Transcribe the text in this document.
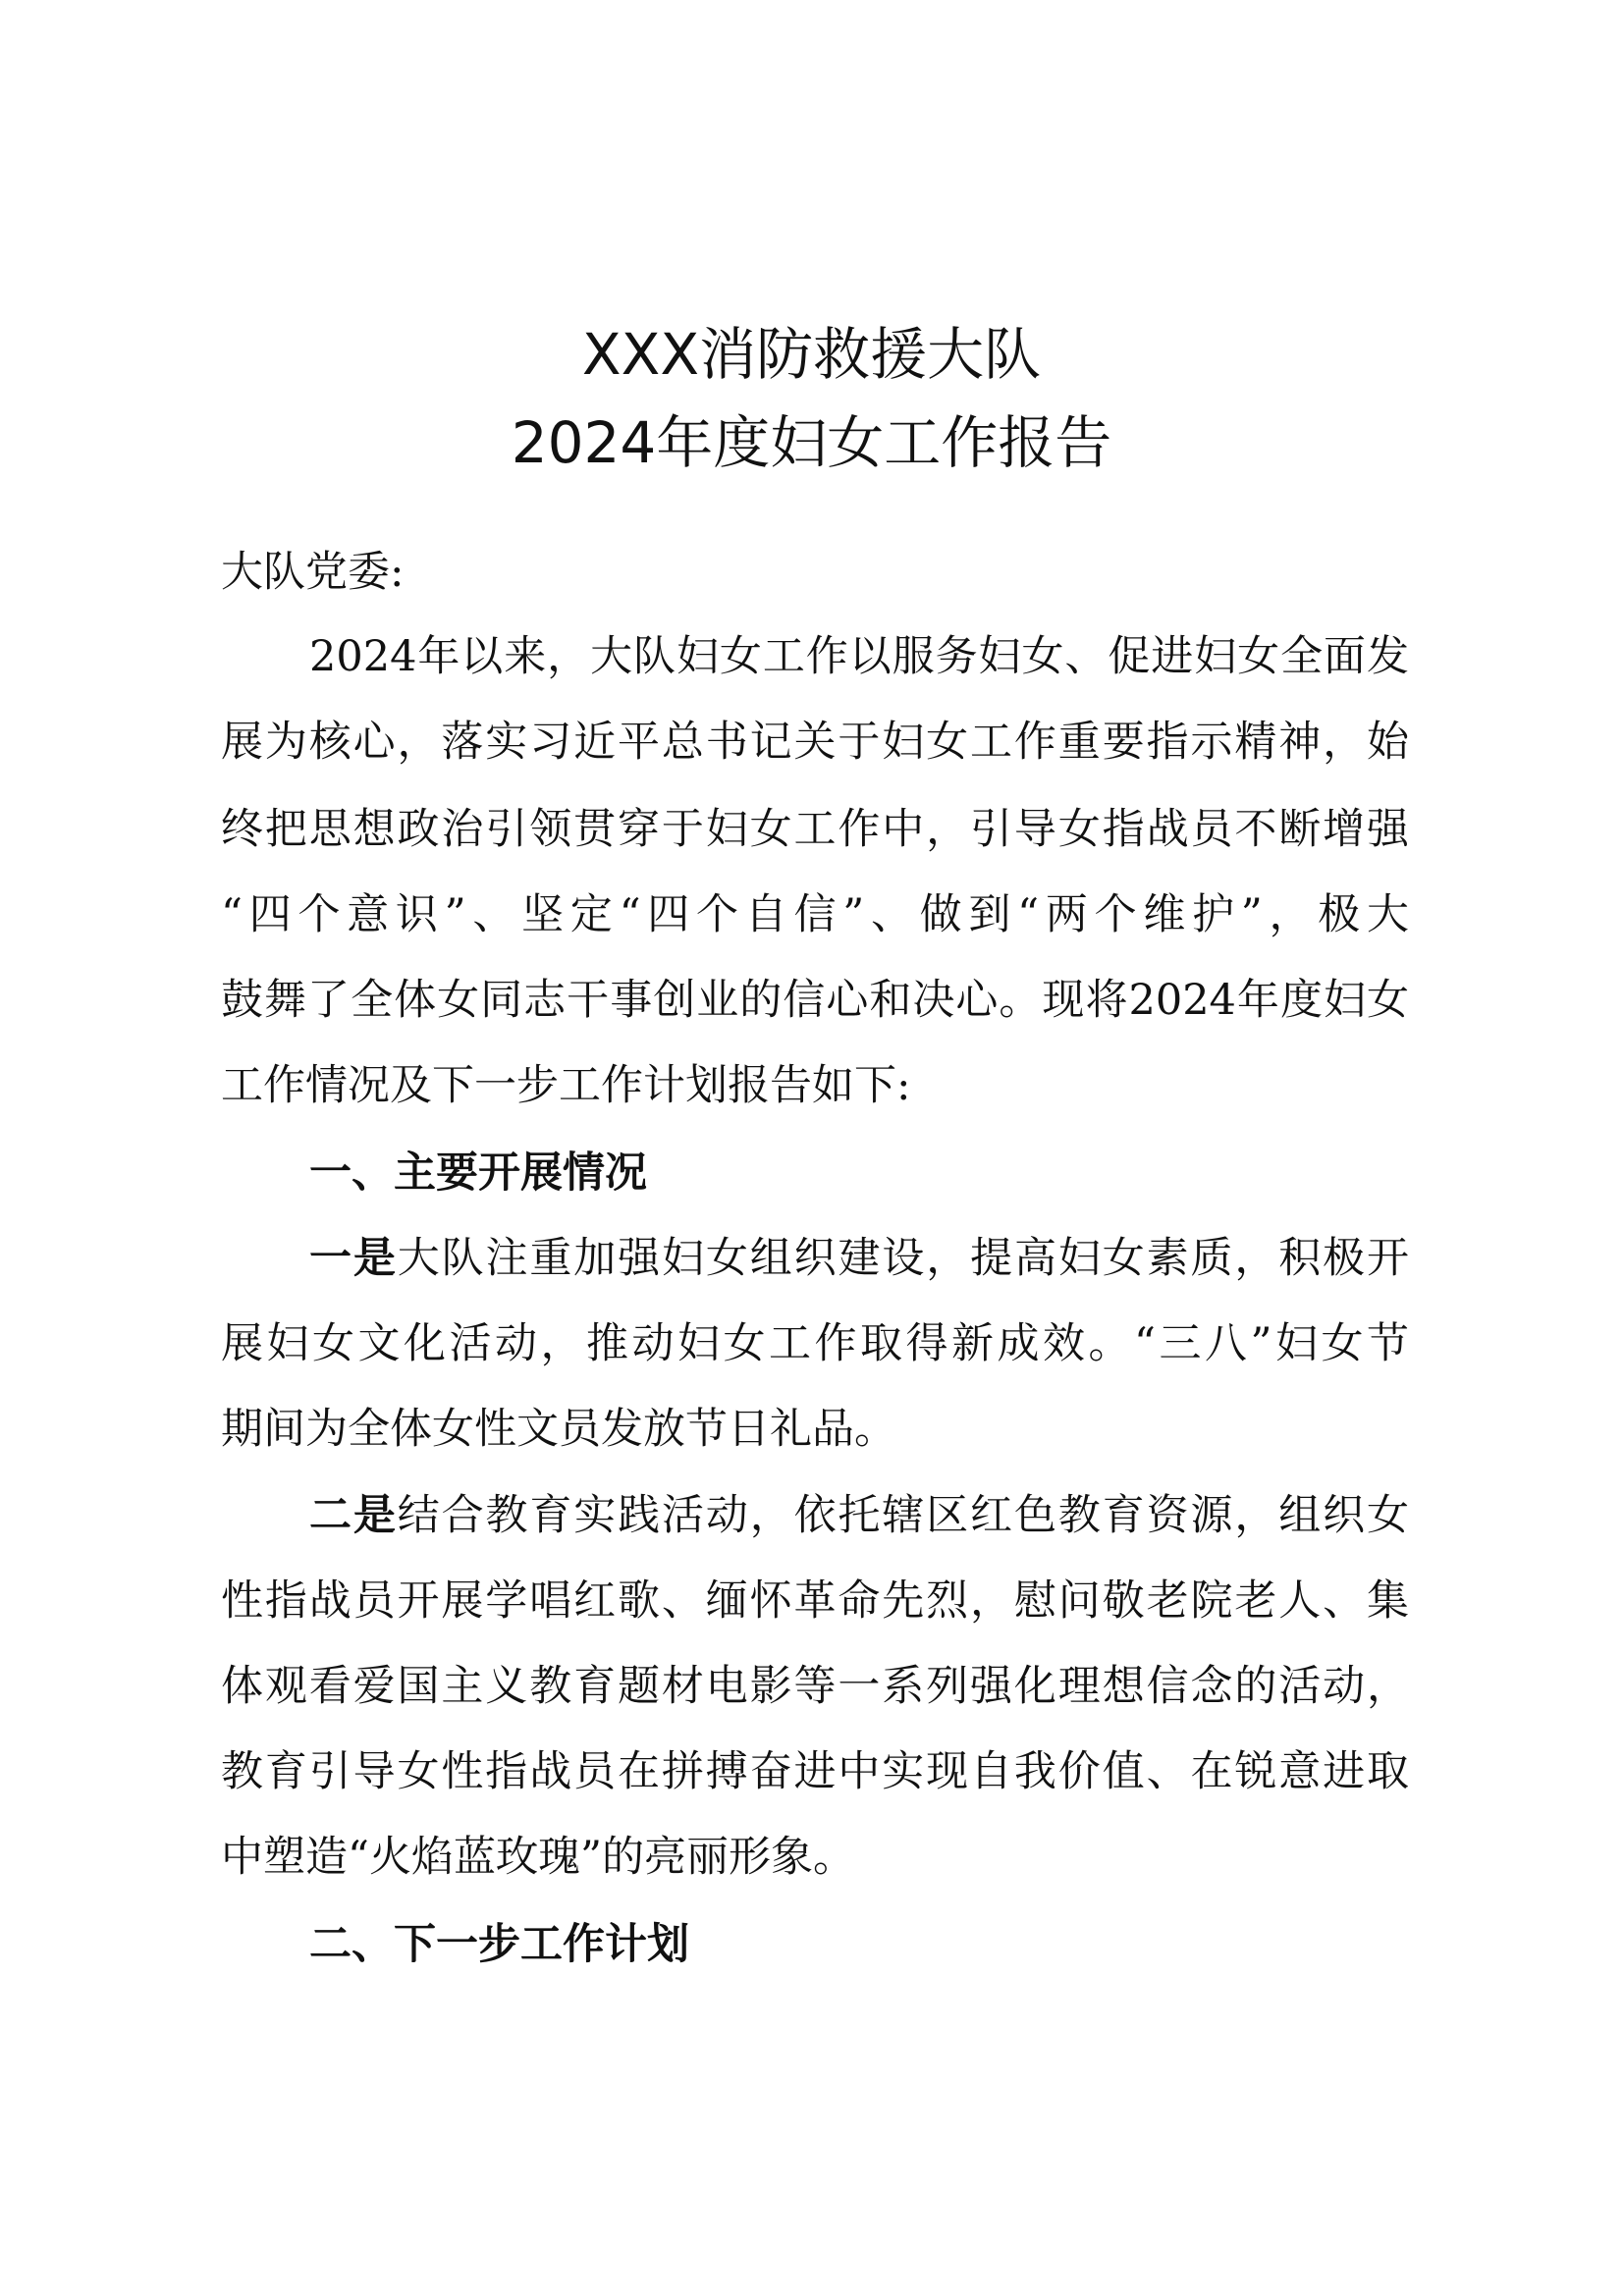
XXX消防救援大队
2024年度妇女工作报告
大队党委:
2024年以来，大队妇女工作以服务妇女、促进妇女全面发
展为核心，落实习近平总书记关于妇女工作重要指示精神，始
终把思想政治引领贯穿于妇女工作中，引导女指战员不断增强
“四个意识”、坚定“四个自信”、做到“两个维护”，极大
鼓舞了全体女同志干事创业的信心和决心。现将2024年度妇女
工作情况及下一步工作计划报告如下:
一、主要开展情况
一是大队注重加强妇女组织建设，提高妇女素质，积极开
展妇女文化活动，推动妇女工作取得新成效。“三八”妇女节
期间为全体女性文员发放节日礼品。
二是结合教育实践活动，依托辖区红色教育资源，组织女
性指战员开展学唱红歌、缅怀革命先烈，慰问敬老院老人、集
体观看爱国主义教育题材电影等一系列强化理想信念的活动，
教育引导女性指战员在拼搏奋进中实现自我价值、在锐意进取
中塑造“火焰蓝玫瑰”的亮丽形象。
二、下一步工作计划
